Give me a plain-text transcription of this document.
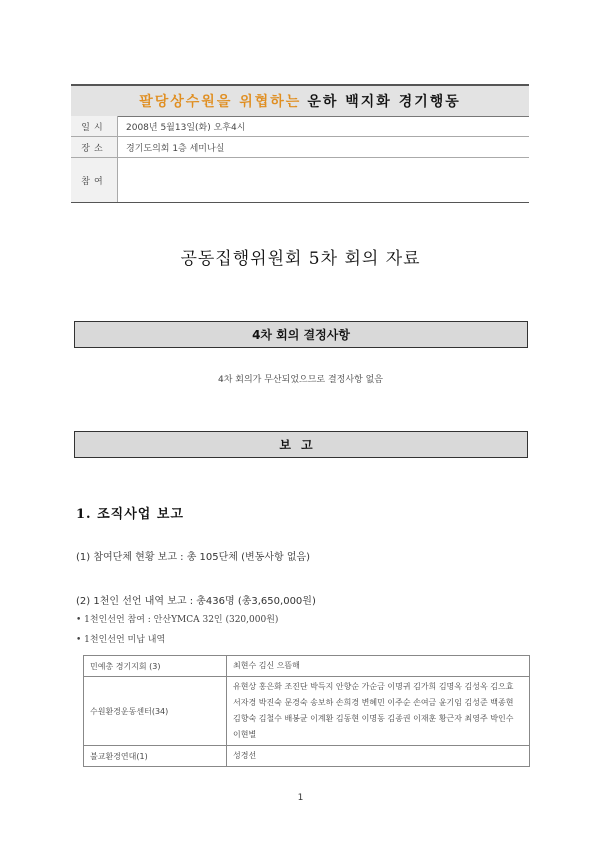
팔당상수원을 위협하는 운하 백지화 경기행동
일시	2008년 5월13일(화) 오후4시
장소	경기도의회 1층 세미나실
참여	
공동집행위원회 5차 회의 자료
4차 회의 결정사항
4차 회의가 무산되었으므로 결정사항 없음
보고
1. 조직사업 보고
(1) 참여단체 현황 보고 : 총 105단체 (변동사항 없음)
(2) 1천인 선언 내역 보고 : 총436명 (총3,650,000원)
• 1천인선언 참여 : 안산YMCA 32인 (320,000원)
• 1천인선언 미납 내역
민예총 경기지회 (3)	최현수 김신 으뜸해
수원환경운동센터(34)	유현상 홍은화 조진단 박득지 안향순 가순금 이명귀 김가희 김명옥 김성옥 김으효 서자경 박진숙 문경숙 송보하 손희경 변혜민 이주순 손여금 윤기임 김성준 백종현 김향숙 김철수 배봉균 이계환 김동현 이명동 김종권 이재훈 황근자 최영주 박인수 이현별
불교환경연대(1)	성경선
1
